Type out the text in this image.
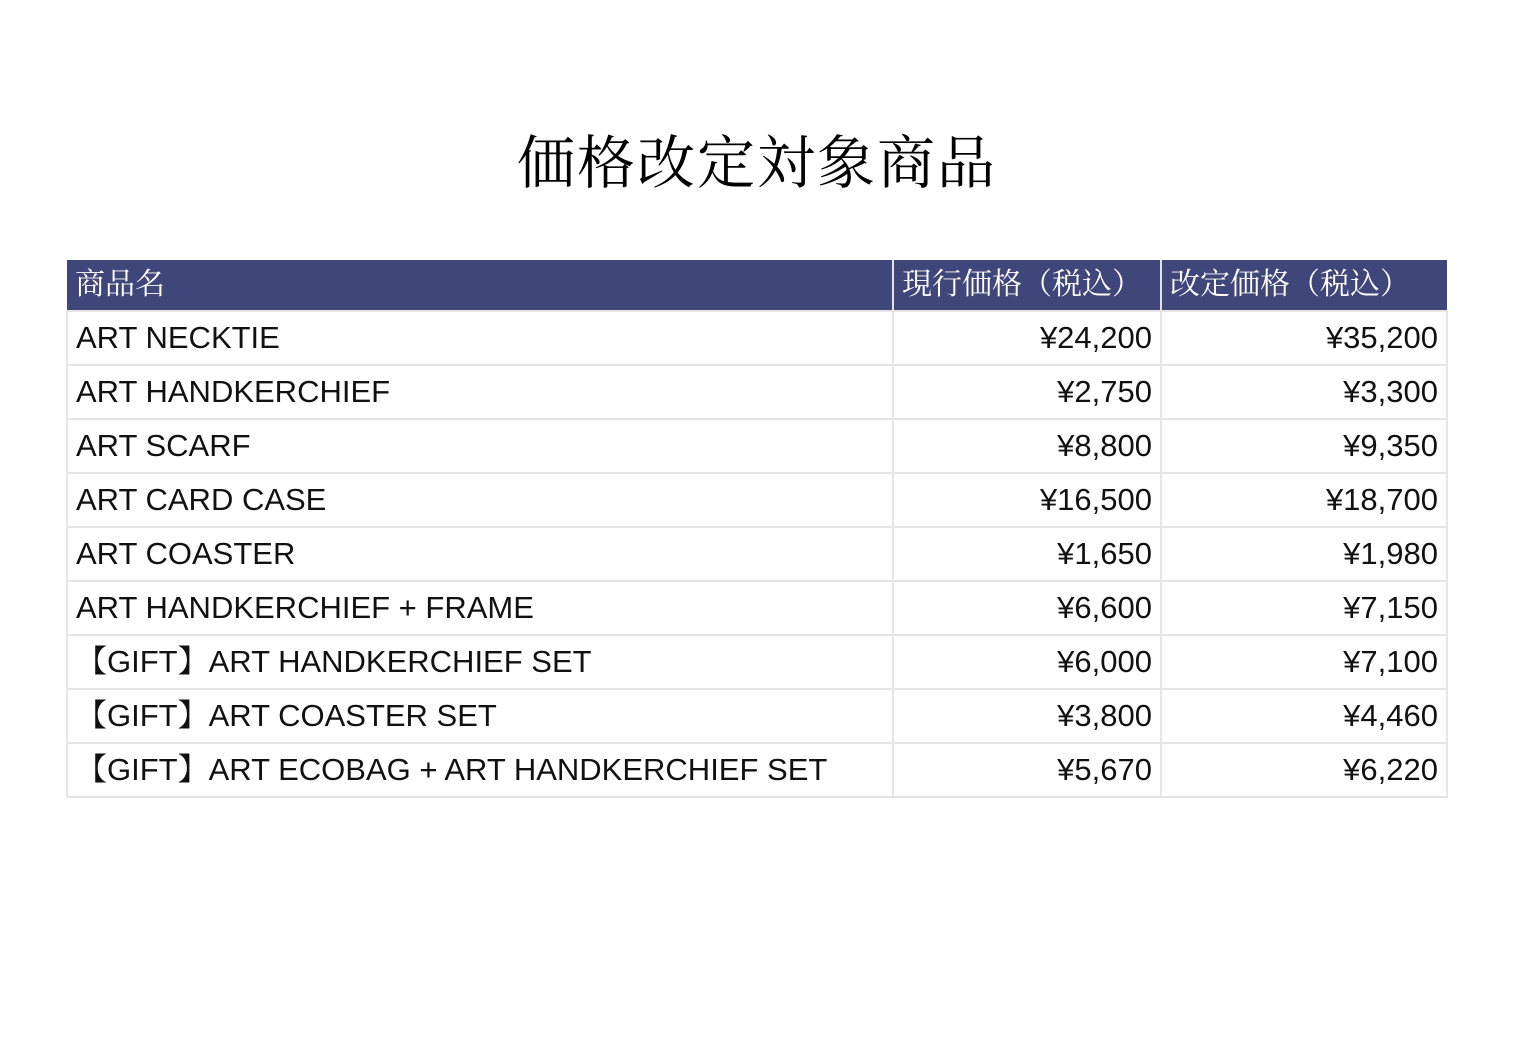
価格改定対象商品
商品名	現行価格（税込）	改定価格（税込）
ART NECKTIE	¥24,200	¥35,200
ART HANDKERCHIEF	¥2,750	¥3,300
ART SCARF	¥8,800	¥9,350
ART CARD CASE	¥16,500	¥18,700
ART COASTER	¥1,650	¥1,980
ART HANDKERCHIEF + FRAME	¥6,600	¥7,150
【GIFT】ART HANDKERCHIEF SET	¥6,000	¥7,100
【GIFT】ART COASTER SET	¥3,800	¥4,460
【GIFT】ART ECOBAG + ART HANDKERCHIEF SET	¥5,670	¥6,220
